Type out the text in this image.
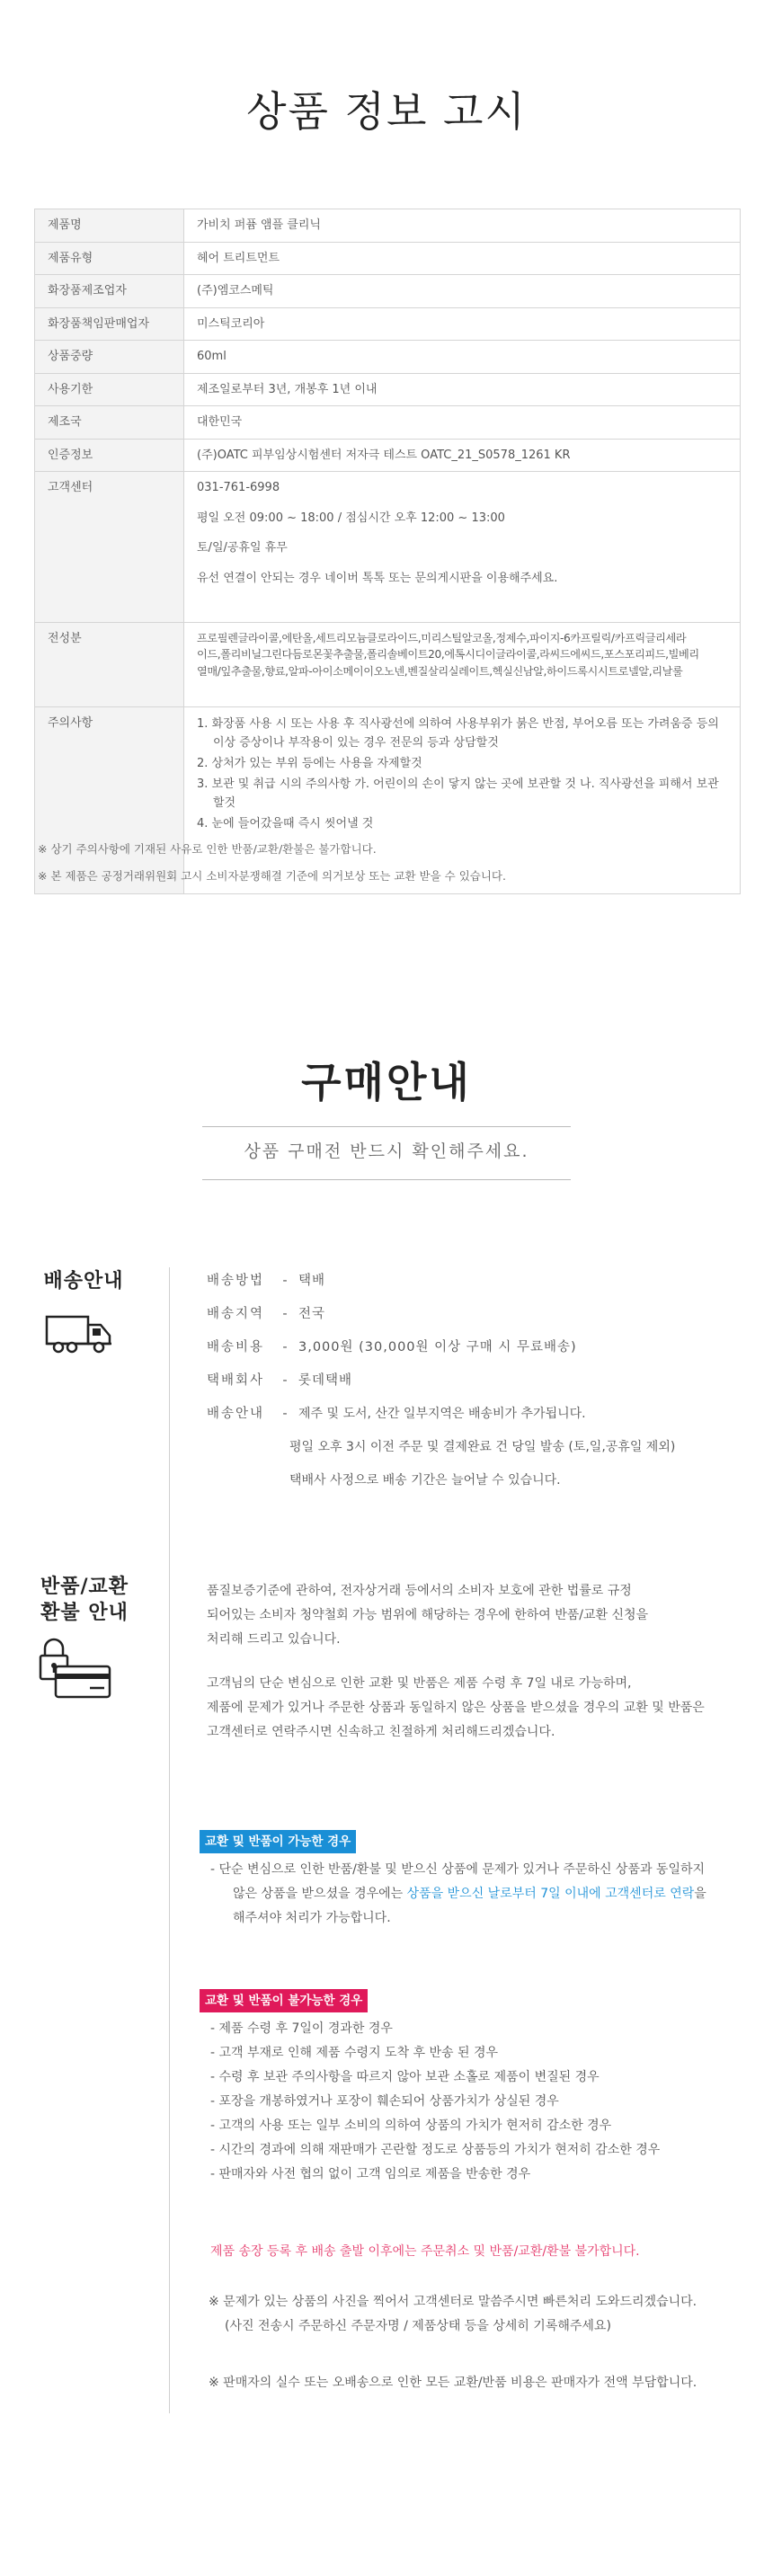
상품 정보 고시
제품명	가비치 퍼퓸 앰플 클리닉
제품유형	헤어 트리트먼트
화장품제조업자	(주)엠코스메틱
화장품책임판매업자	미스틱코리아
상품중량	60ml
사용기한	제조일로부터 3년, 개봉후 1년 이내
제조국	대한민국
인증정보	(주)OATC 피부임상시험센터 저자극 테스트 OATC_21_S0578_1261 KR
고객센터	031-761-6998

평일 오전 09:00 ~ 18:00 / 점심시간 오후 12:00 ~ 13:00

토/일/공휴일 휴무

유선 연결이 안되는 경우 네이버 톡톡 또는 문의게시판을 이용해주세요.

전성분	프로필렌글라이콜,에탄올,세트리모늄클로라이드,미리스틸알코올,정제수,파이지-6카프릴릭/카프릭글리세라
이드,폴리비닐그린다듬로몬꽃추출물,폴리솔베이트20,에톡시디이글라이콜,라씨드에씨드,포스포리피드,빌베리
열매/잎추출물,향료,알파-아이소메이이오노넨,벤질살리실레이트,헥실신남알,하이드록시시트로넬알,리날룰

주의사항	1. 화장품 사용 시 또는 사용 후 직사광선에 의하여 사용부위가 붉은 반점, 부어오름 또는 가려움증 등의 이상 증상이나 부작용이 있는 경우 전문의 등과 상담할것
2. 상처가 있는 부위 등에는 사용을 자제할것
3. 보관 및 취급 시의 주의사항 가. 어린이의 손이 닿지 않는 곳에 보관할 것 나. 직사광선을 피해서 보관할것
4. 눈에 들어갔을때 즉시 씻어낼 것
※ 상기 주의사항에 기재된 사유로 인한 반품/교환/환불은 불가합니다.
※ 본 제품은 공정거래위원회 고시 소비자분쟁해결 기준에 의거보상 또는 교환 받을 수 있습니다.
구매안내
상품 구매전 반드시 확인해주세요.
배송안내	배송방법	- 택배
배송지역	- 전국
배송비용	- 3,000원 (30,000원 이상 구매 시 무료배송)
택배회사	- 롯데택배
배송안내	- 제주 및 도서, 산간 일부지역은 배송비가 추가됩니다.
평일 오후 3시 이전 주문 및 결제완료 건 당일 발송 (토,일,공휴일 제외)
택배사 사정으로 배송 기간은 늘어날 수 있습니다.
반품/교환
환불 안내

품질보증기준에 관하여, 전자상거래 등에서의 소비자 보호에 관한 법률로 규정

되어있는 소비자 청약철회 가능 범위에 해당하는 경우에 한하여 반품/교환 신청을

처리해 드리고 있습니다.

고객님의 단순 변심으로 인한 교환 및 반품은 제품 수령 후 7일 내로 가능하며,

제품에 문제가 있거나 주문한 상품과 동일하지 않은 상품을 받으셨을 경우의 교환 및 반품은

고객센터로 연락주시면 신속하고 친절하게 처리해드리겠습니다.

교환 및 반품이 가능한 경우
- 단순 변심으로 인한 반품/환불 및 받으신 상품에 문제가 있거나 주문하신 상품과 동일하지
않은 상품을 받으셨을 경우에는 상품을 받으신 날로부터 7일 이내에 고객센터로 연락을
해주셔야 처리가 가능합니다.
교환 및 반품이 불가능한 경우
- 제품 수령 후 7일이 경과한 경우
- 고객 부재로 인해 제품 수령지 도착 후 반송 된 경우
- 수령 후 보관 주의사항을 따르지 않아 보관 소홀로 제품이 변질된 경우
- 포장을 개봉하였거나 포장이 훼손되어 상품가치가 상실된 경우
- 고객의 사용 또는 일부 소비의 의하여 상품의 가치가 현저히 감소한 경우
- 시간의 경과에 의해 재판매가 곤란할 정도로 상품등의 가치가 현저히 감소한 경우
- 판매자와 사전 협의 없이 고객 임의로 제품을 반송한 경우
제품 송장 등록 후 배송 출발 이후에는 주문취소 및 반품/교환/환불 불가합니다.
※ 문제가 있는 상품의 사진을 찍어서 고객센터로 말씀주시면 빠른처리 도와드리겠습니다.
(사진 전송시 주문하신 주문자명 / 제품상태 등을 상세히 기록해주세요)
※ 판매자의 실수 또는 오배송으로 인한 모든 교환/반품 비용은 판매자가 전액 부담합니다.
